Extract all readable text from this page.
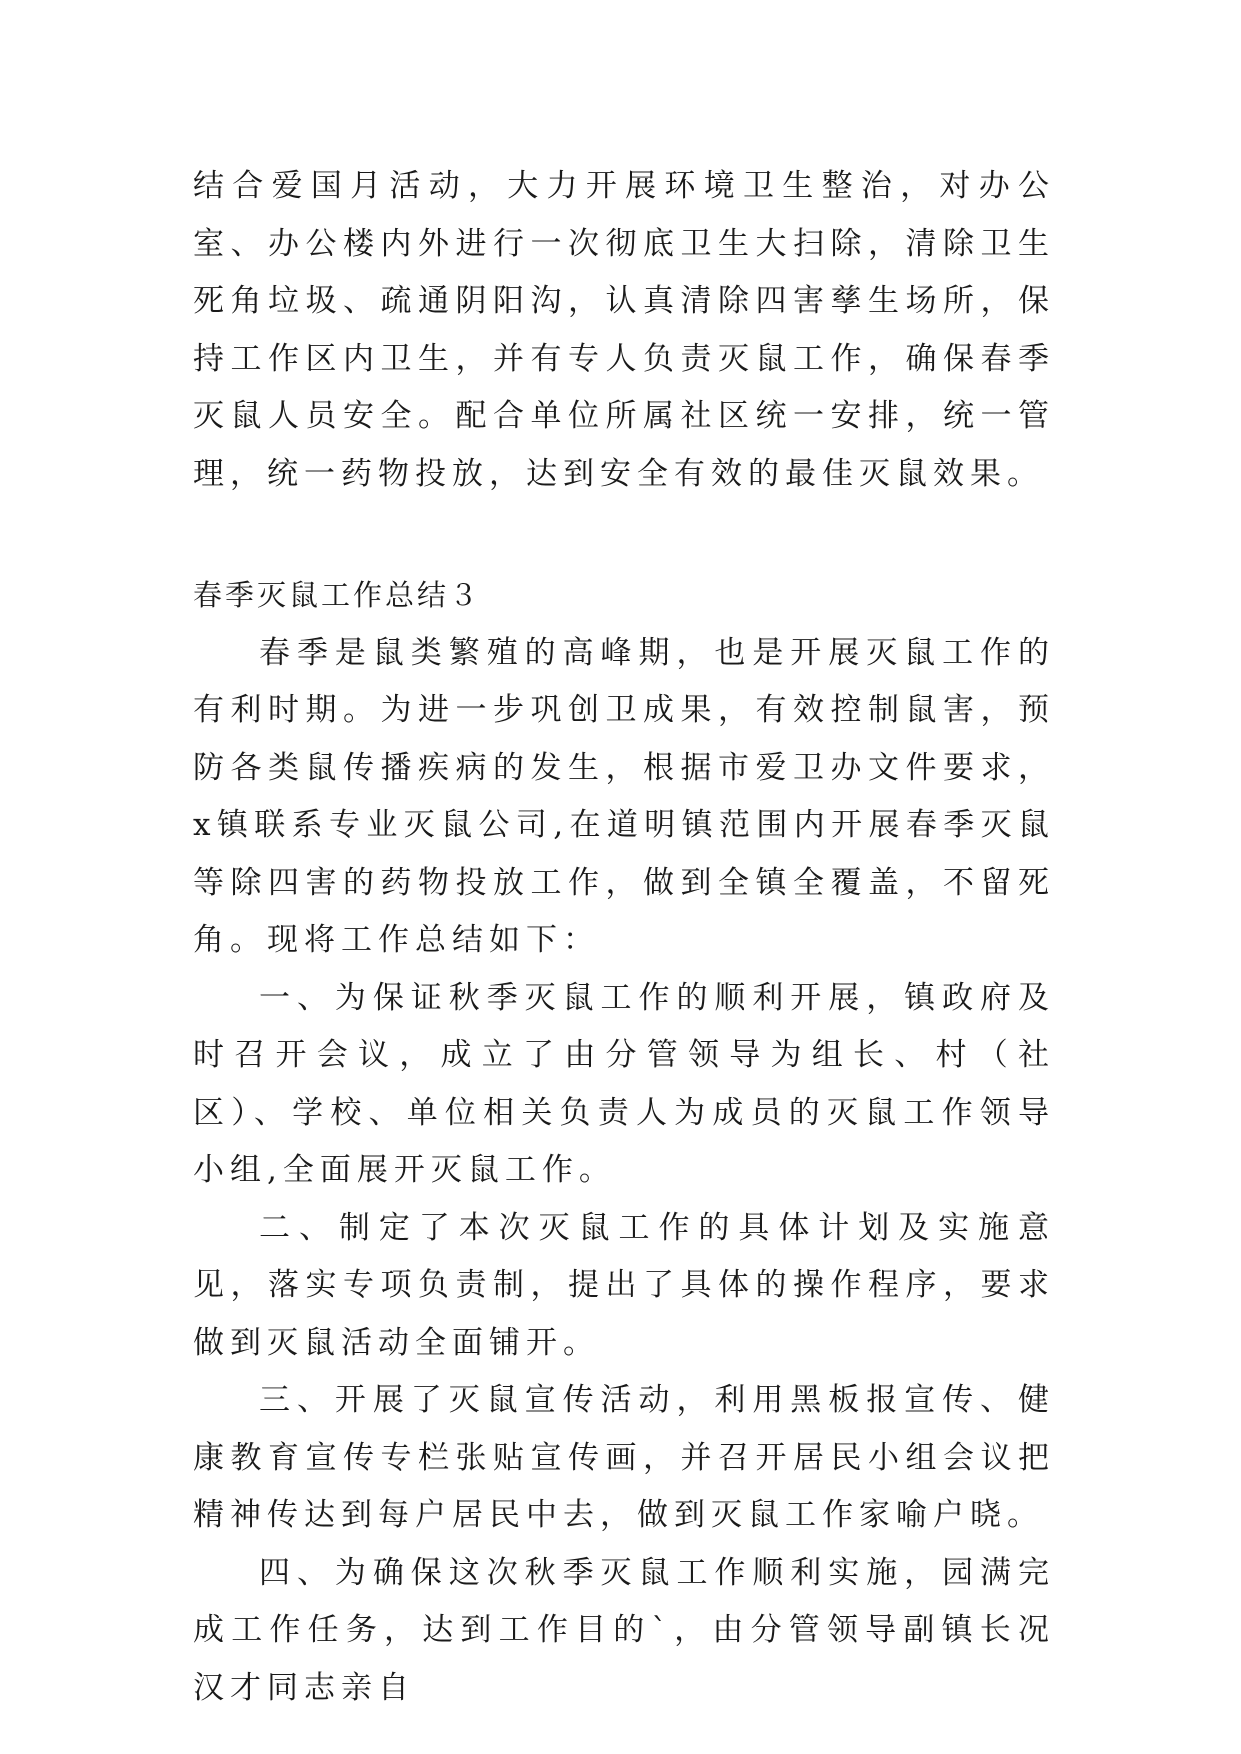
结合爱国月活动，大力开展环境卫生整治，对办公室、办公楼内外进行一次彻底卫生大扫除，清除卫生死角垃圾、疏通阴阳沟，认真清除四害孳生场所，保持工作区内卫生，并有专人负责灭鼠工作，确保春季灭鼠人员安全。配合单位所属社区统一安排，统一管理，统一药物投放，达到安全有效的最佳灭鼠效果。

春季灭鼠工作总结３

春季是鼠类繁殖的高峰期，也是开展灭鼠工作的有利时期。为进一步巩创卫成果，有效控制鼠害，预防各类鼠传播疾病的发生，根据市爱卫办文件要求，x镇联系专业灭鼠公司,在道明镇范围内开展春季灭鼠等除四害的药物投放工作，做到全镇全覆盖，不留死角。现将工作总结如下：

一、为保证秋季灭鼠工作的顺利开展，镇政府及时召开会议，成立了由分管领导为组长、村（社区）、学校、单位相关负责人为成员的灭鼠工作领导小组,全面展开灭鼠工作。

二、制定了本次灭鼠工作的具体计划及实施意见，落实专项负责制，提出了具体的操作程序，要求做到灭鼠活动全面铺开。

三、开展了灭鼠宣传活动，利用黑板报宣传、健康教育宣传专栏张贴宣传画，并召开居民小组会议把精神传达到每户居民中去，做到灭鼠工作家喻户晓。

四、为确保这次秋季灭鼠工作顺利实施，园满完成工作任务，达到工作目的`，由分管领导副镇长况汉才同志亲自
